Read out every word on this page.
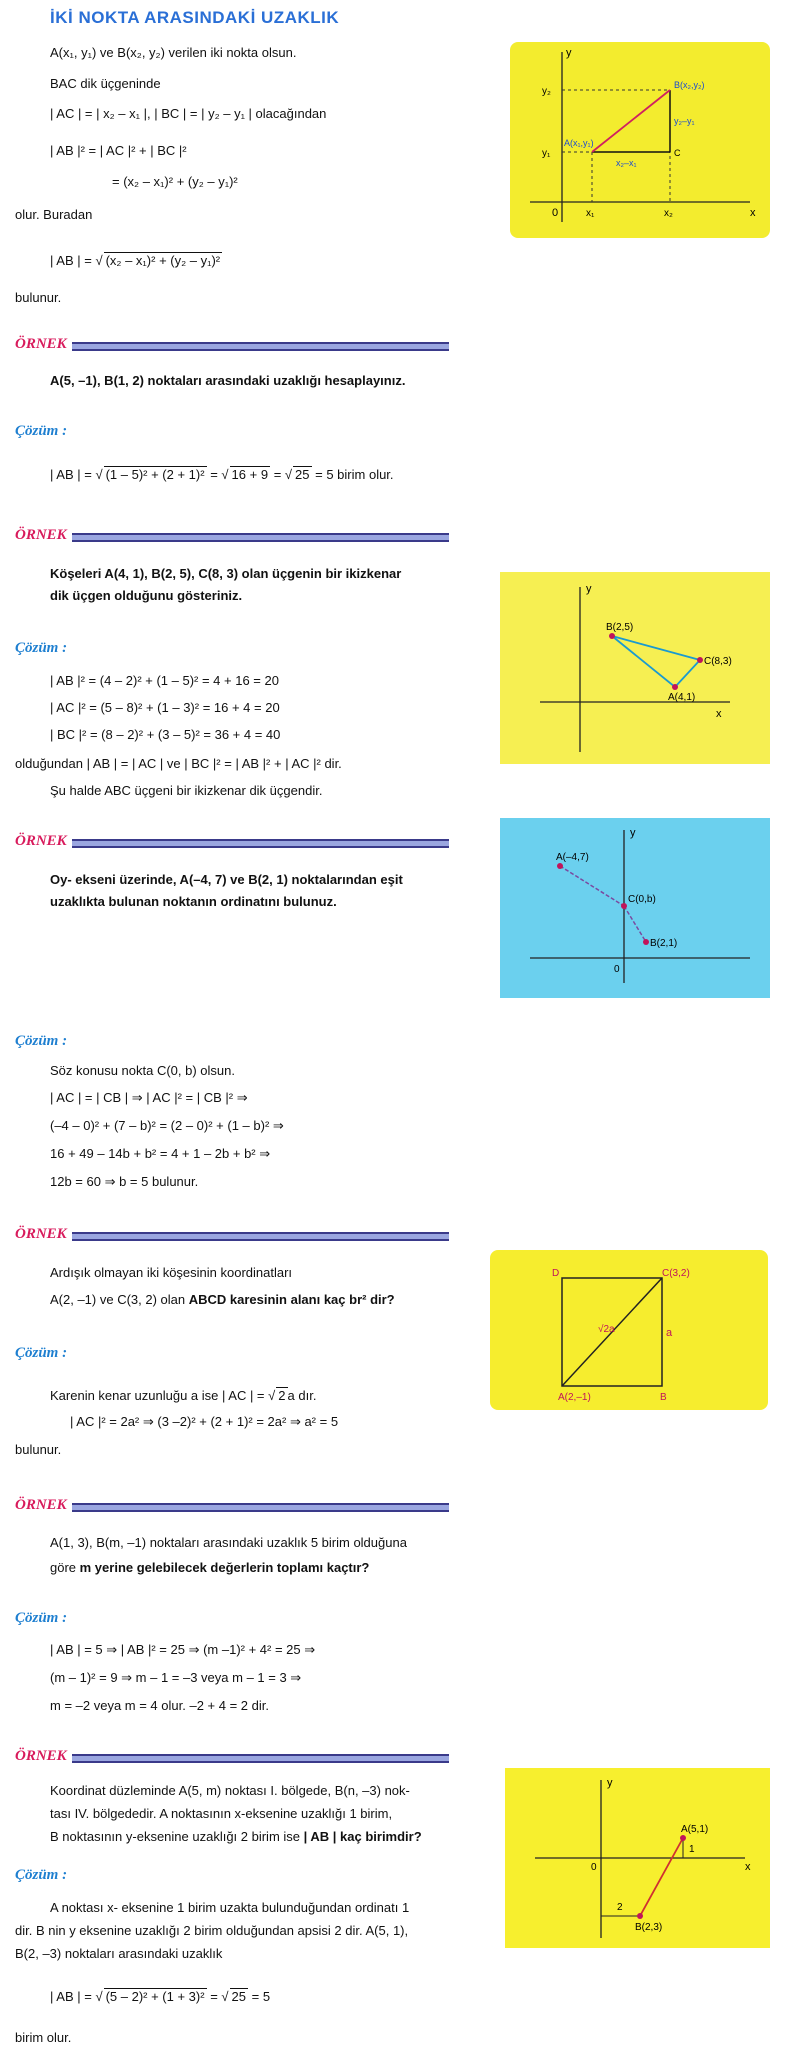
İKİ NOKTA ARASINDAKİ UZAKLIK
A(x₁, y₁) ve B(x₂, y₂) verilen iki nokta olsun.
BAC dik üçgeninde
| AC | = | x₂ – x₁ |, | BC | = | y₂ – y₁ | olacağından
| AB |² = | AC |² + | BC |²
= (x₂ – x₁)² + (y₂ – y₁)²
olur. Buradan
| AB | = √ (x₂ – x₁)² + (y₂ – y₁)²
bulunur.
y
x
0	x₁	x₂
y₁
y₂
A(x₁,y₁)
B(x₂,y₂)
C
y₂–y₁
x₂–x₁
ÖRNEK
A(5, –1), B(1, 2) noktaları arasındaki uzaklığı hesaplayınız.
Çözüm :
| AB | = √ (1 – 5)² + (2 + 1)² = √ 16 + 9 = √ 25 = 5 birim olur.
ÖRNEK
Köşeleri A(4, 1), B(2, 5), C(8, 3) olan üçgenin bir ikizkenar
dik üçgen olduğunu gösteriniz.
Çözüm :
| AB |² = (4 – 2)² + (1 – 5)² = 4 + 16 = 20
| AC |² = (5 – 8)² + (1 – 3)² = 16 + 4 = 20
| BC |² = (8 – 2)² + (3 – 5)² = 36 + 4 = 40
olduğundan | AB | = | AC | ve | BC |² = | AB |² + | AC |² dir.
Şu halde ABC üçgeni bir ikizkenar dik üçgendir.
y
x
B(2,5)
A(4,1)
C(8,3)
ÖRNEK
Oy- ekseni üzerinde, A(–4, 7) ve B(2, 1) noktalarından eşit
uzaklıkta bulunan noktanın ordinatını bulunuz.
y
A(–4,7)
C(0,b)
B(2,1)
0
Çözüm :
Söz konusu nokta C(0, b) olsun.
| AC | = | CB | ⇒ | AC |² = | CB |² ⇒
(–4 – 0)² + (7 – b)² = (2 – 0)² + (1 – b)² ⇒
16 + 49 – 14b + b² = 4 + 1 – 2b + b² ⇒
12b = 60 ⇒ b = 5 bulunur.
ÖRNEK
Ardışık olmayan iki köşesinin koordinatları
A(2, –1) ve C(3, 2) olan ABCD karesinin alanı kaç br² dir?
D	C(3,2)
A(2,–1)	B
a
√2a
Çözüm :
Karenin kenar uzunluğu a ise | AC | = √ 2 a dır.
| AC |² = 2a² ⇒ (3 –2)² + (2 + 1)² = 2a² ⇒ a² = 5
bulunur.
ÖRNEK
A(1, 3), B(m, –1) noktaları arasındaki uzaklık 5 birim olduğuna
göre m yerine gelebilecek değerlerin toplamı kaçtır?
Çözüm :
| AB | = 5 ⇒ | AB |² = 25 ⇒ (m –1)² + 4² = 25 ⇒
(m – 1)² = 9 ⇒ m – 1 = –3 veya m – 1 = 3 ⇒
m = –2 veya m = 4 olur. –2 + 4 = 2 dir.
ÖRNEK
Koordinat düzleminde A(5, m) noktası I. bölgede, B(n, –3) nok-
tası IV. bölgededir. A noktasının x-eksenine uzaklığı 1 birim,
B noktasının y-eksenine uzaklığı 2 birim ise | AB | kaç birimdir?
y
x
0
A(5,1)
1
2
B(2,3)
Çözüm :
A noktası x- eksenine 1 birim uzakta bulunduğundan ordinatı 1
dir. B nin y eksenine uzaklığı 2 birim olduğundan apsisi 2 dir. A(5, 1),
B(2, –3) noktaları arasındaki uzaklık
| AB | = √ (5 – 2)² + (1 + 3)² = √ 25 = 5
birim olur.
